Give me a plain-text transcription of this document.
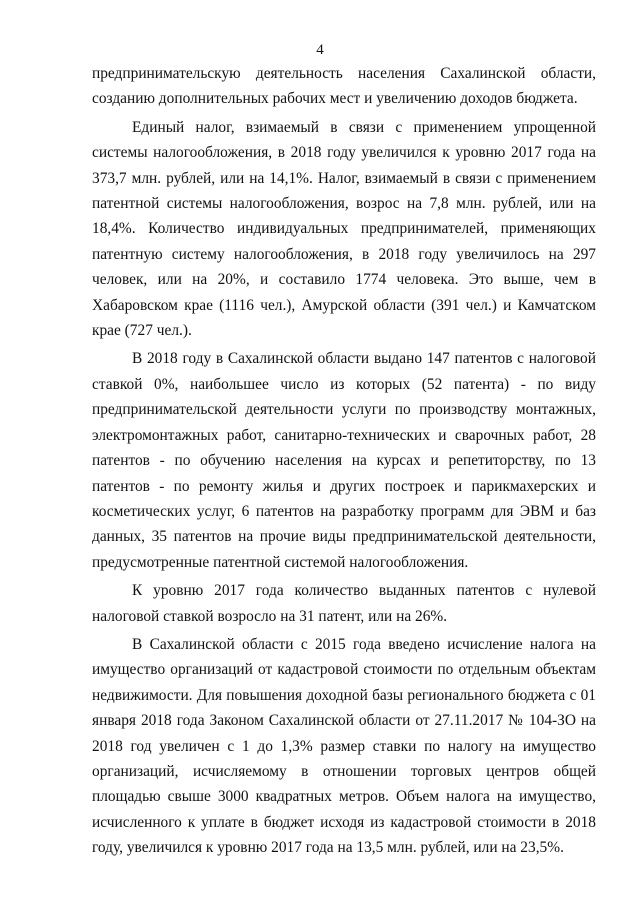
4

предпринимательскую деятельность населения Сахалинской области, созданию дополнительных рабочих мест и увеличению доходов бюджета.

Единый налог, взимаемый в связи с применением упрощенной системы налогообложения, в 2018 году увеличился к уровню 2017 года на 373,7 млн. рублей, или на 14,1%. Налог, взимаемый в связи с применением патентной системы налогообложения, возрос на 7,8 млн. рублей, или на 18,4%. Количество индивидуальных предпринимателей, применяющих патентную систему налогообложения, в 2018 году увеличилось на 297 человек, или на 20%, и составило 1774 человека. Это выше, чем в Хабаровском крае (1116 чел.), Амурской области (391 чел.) и Камчатском крае (727 чел.).

В 2018 году в Сахалинской области выдано 147 патентов с налоговой ставкой 0%, наибольшее число из которых (52 патента) - по виду предпринимательской деятельности услуги по производству монтажных, электромонтажных работ, санитарно-технических и сварочных работ, 28 патентов - по обучению населения на курсах и репетиторству, по 13 патентов - по ремонту жилья и других построек и парикмахерских и косметических услуг, 6 патентов на разработку программ для ЭВМ и баз данных, 35 патентов на прочие виды предпринимательской деятельности, предусмотренные патентной системой налогообложения.

К уровню 2017 года количество выданных патентов с нулевой налоговой ставкой возросло на 31 патент, или на 26%.

В Сахалинской области с 2015 года введено исчисление налога на имущество организаций от кадастровой стоимости по отдельным объектам недвижимости. Для повышения доходной базы регионального бюджета с 01 января 2018 года Законом Сахалинской области от 27.11.2017 № 104-ЗО на 2018 год увеличен с 1 до 1,3% размер ставки по налогу на имущество организаций, исчисляемому в отношении торговых центров общей площадью свыше 3000 квадратных метров. Объем налога на имущество, исчисленного к уплате в бюджет исходя из кадастровой стоимости в 2018 году, увеличился к уровню 2017 года на 13,5 млн. рублей, или на 23,5%.
